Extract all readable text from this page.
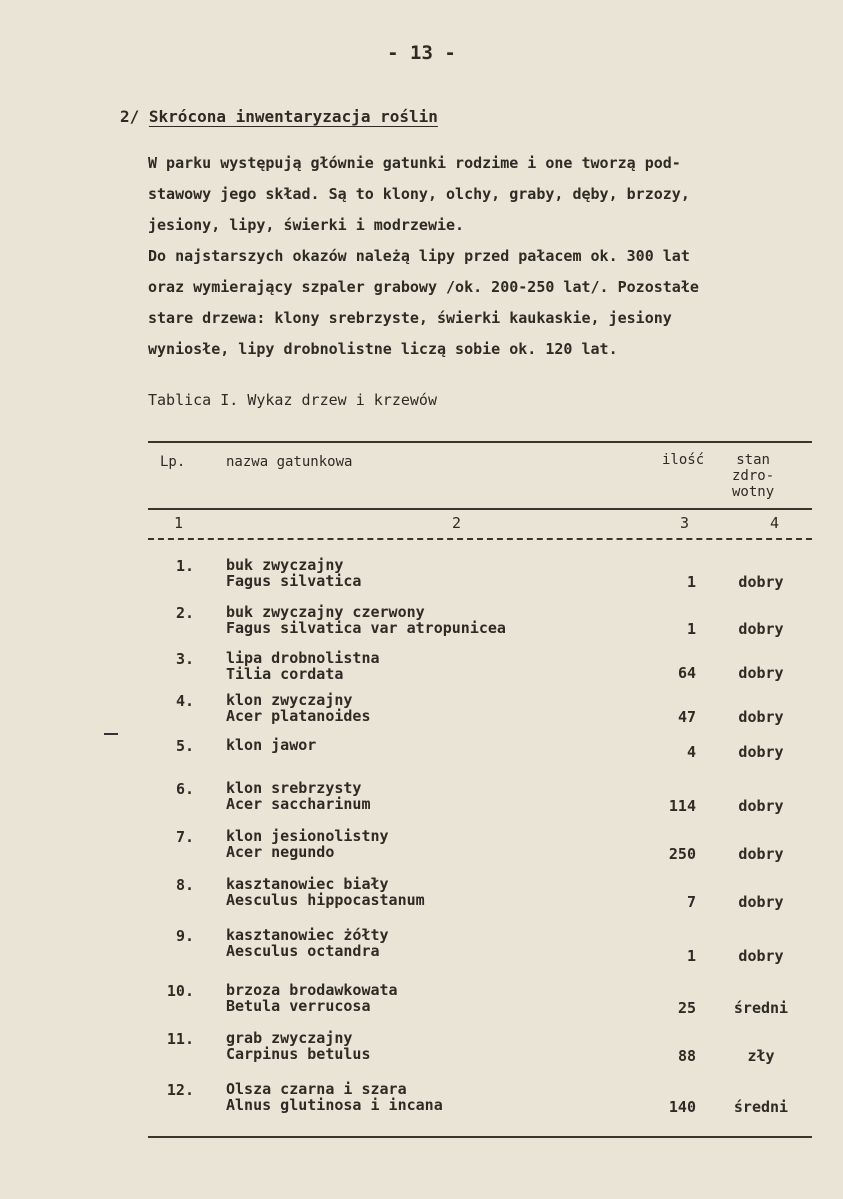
- 13 -
2/ Skrócona inwentaryzacja roślin
W parku występują głównie gatunki rodzime i one tworzą pod-
stawowy jego skład. Są to klony, olchy, graby, dęby, brzozy,
jesiony, lipy, świerki i modrzewie.
Do najstarszych okazów należą lipy przed pałacem ok. 300 lat
oraz wymierający szpaler grabowy /ok. 200-250 lat/. Pozostałe
stare drzewa: klony srebrzyste, świerki kaukaskie, jesiony
wyniosłe, lipy drobnolistne liczą sobie ok. 120 lat.
Tablica I. Wykaz drzew i krzewów
Lp.	nazwa gatunkowa	ilość	stan
zdro-
wotny
1	2	3	4
1. buk zwyczajny
Fagus silvatica	1	dobry
2. buk zwyczajny czerwony
Fagus silvatica var atropunicea	1	dobry
3. lipa drobnolistna
Tilia cordata	64	dobry
4. klon zwyczajny
Acer platanoides	47	dobry
5. klon jawor	4	dobry
6. klon srebrzysty
Acer saccharinum	114	dobry
7. klon jesionolistny
Acer negundo	250	dobry
8. kasztanowiec biały
Aesculus hippocastanum	7	dobry
9. kasztanowiec żółty
Aesculus octandra	1	dobry
10. brzoza brodawkowata
Betula verrucosa	25	średni
11. grab zwyczajny
Carpinus betulus	88	zły
12. Olsza czarna i szara
Alnus glutinosa i incana	140	średni
